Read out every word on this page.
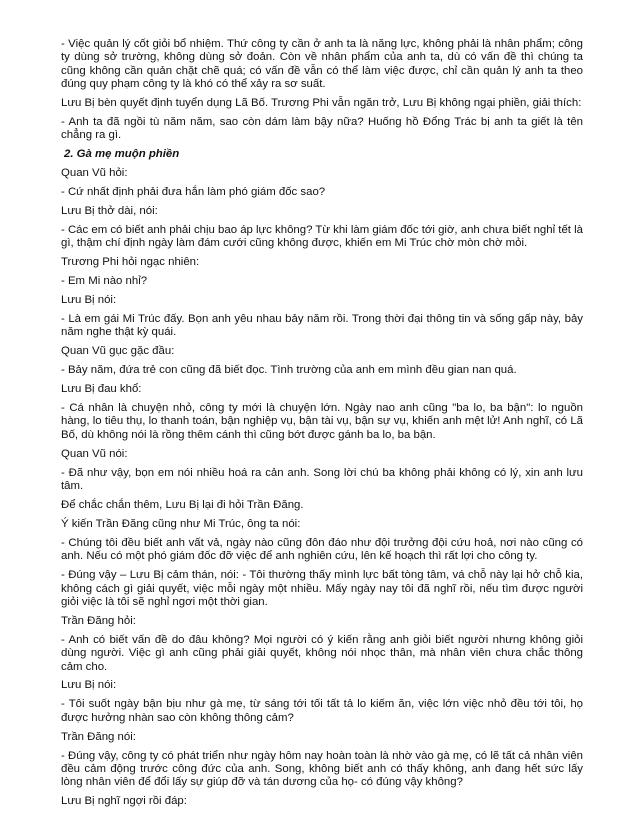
- Việc quản lý cốt giỏi bổ nhiệm. Thứ công ty cần ở anh ta là năng lực, không phải là nhân phẩm; công ty dùng sở trường, không dùng sở đoản. Còn về nhân phẩm của anh ta, dù có vấn đề thì chúng ta cũng không cần quản chặt chẽ quá; có vấn đề vẫn có thể làm việc được, chỉ cần quản lý anh ta theo đúng quy phạm công ty là khó có thể xảy ra sơ suất.

Lưu Bị bèn quyết định tuyển dụng Lã Bố. Trương Phi vẫn ngăn trở, Lưu Bị không ngại phiền, giải thích:

- Anh ta đã ngồi tù năm năm, sao còn dám làm bậy nữa? Huống hồ Đổng Trác bị anh ta giết là tên chẳng ra gì.

2. Gà mẹ muộn phiền

Quan Vũ hỏi:

- Cứ nhất định phải đưa hắn làm phó giám đốc sao?

Lưu Bị thở dài, nói:

- Các em có biết anh phải chịu bao áp lực không? Từ khi làm giám đốc tới giờ, anh chưa biết nghỉ tết là gì, thậm chí định ngày làm đám cưới cũng không được, khiến em Mi Trúc chờ mòn chờ mỏi.

Trương Phi hỏi ngạc nhiên:

- Em Mi nào nhỉ?

Lưu Bị nói:

- Là em gái Mi Trúc đấy. Bọn anh yêu nhau bảy năm rồi. Trong thời đại thông tin và sống gấp này, bảy năm nghe thật kỳ quái.

Quan Vũ gục gặc đầu:

- Bảy năm, đứa trẻ con cũng đã biết đọc. Tình trường của anh em mình đều gian nan quá.

Lưu Bị đau khổ:

- Cá nhân là chuyện nhỏ, công ty mới là chuyện lớn. Ngày nao anh cũng "ba lo, ba bận": lo nguồn hàng, lo tiêu thụ, lo thanh toán, bận nghiệp vụ, bận tài vụ, bận sự vụ, khiến anh mệt lử! Anh nghĩ, có Lã Bố, dù không nói là rồng thêm cánh thì cũng bớt được gánh ba lo, ba bận.

Quan Vũ nói:

- Đã như vậy, bọn em nói nhiều hoá ra cản anh. Song lời chú ba không phải không có lý, xin anh lưu tâm.

Để chắc chắn thêm, Lưu Bị lại đi hỏi Trần Đăng.

Ý kiến Trần Đăng cũng như Mi Trúc, ông ta nói:

- Chúng tôi đều biết anh vất vả, ngày nào cũng đôn đáo như đội trưởng đội cứu hoả, nơi nào cũng có anh. Nếu có một phó giám đốc đỡ việc để anh nghiên cứu, lên kế hoạch thì rất lợi cho công ty.

- Đúng vậy – Lưu Bị cảm thán, nói: - Tôi thường thấy mình lực bất tòng tâm, vá chỗ này lại hở chỗ kia, không cách gì giải quyết, việc mỗi ngày một nhiều. Mấy ngày nay tôi đã nghĩ rồi, nếu tìm được người giỏi việc là tôi sẽ nghỉ ngơi một thời gian.

Trần Đăng hỏi:

- Anh có biết vấn đề do đâu không? Mọi người có ý kiến rằng anh giỏi biết người nhưng không giỏi dùng người. Việc gì anh cũng phải giải quyết, không nói nhọc thân, mà nhân viên chưa chắc thông cảm cho.

Lưu Bị nói:

- Tôi suốt ngày bận bịu như gà mẹ, từ sáng tới tối tất tả lo kiếm ăn, việc lớn việc nhỏ đều tới tôi, họ được hưởng nhàn sao còn không thông cảm?

Trần Đăng nói:

- Đúng vậy, công ty có phát triển như ngày hôm nay hoàn toàn là nhờ vào gà mẹ, có lẽ tất cả nhân viên đều cảm động trước công đức của anh. Song, không biết anh có thấy không, anh đang hết sức lấy lòng nhân viên để đổi lấy sự giúp đỡ và tán dương của họ- có đúng vậy không?

Lưu Bị nghĩ ngợi rồi đáp:
